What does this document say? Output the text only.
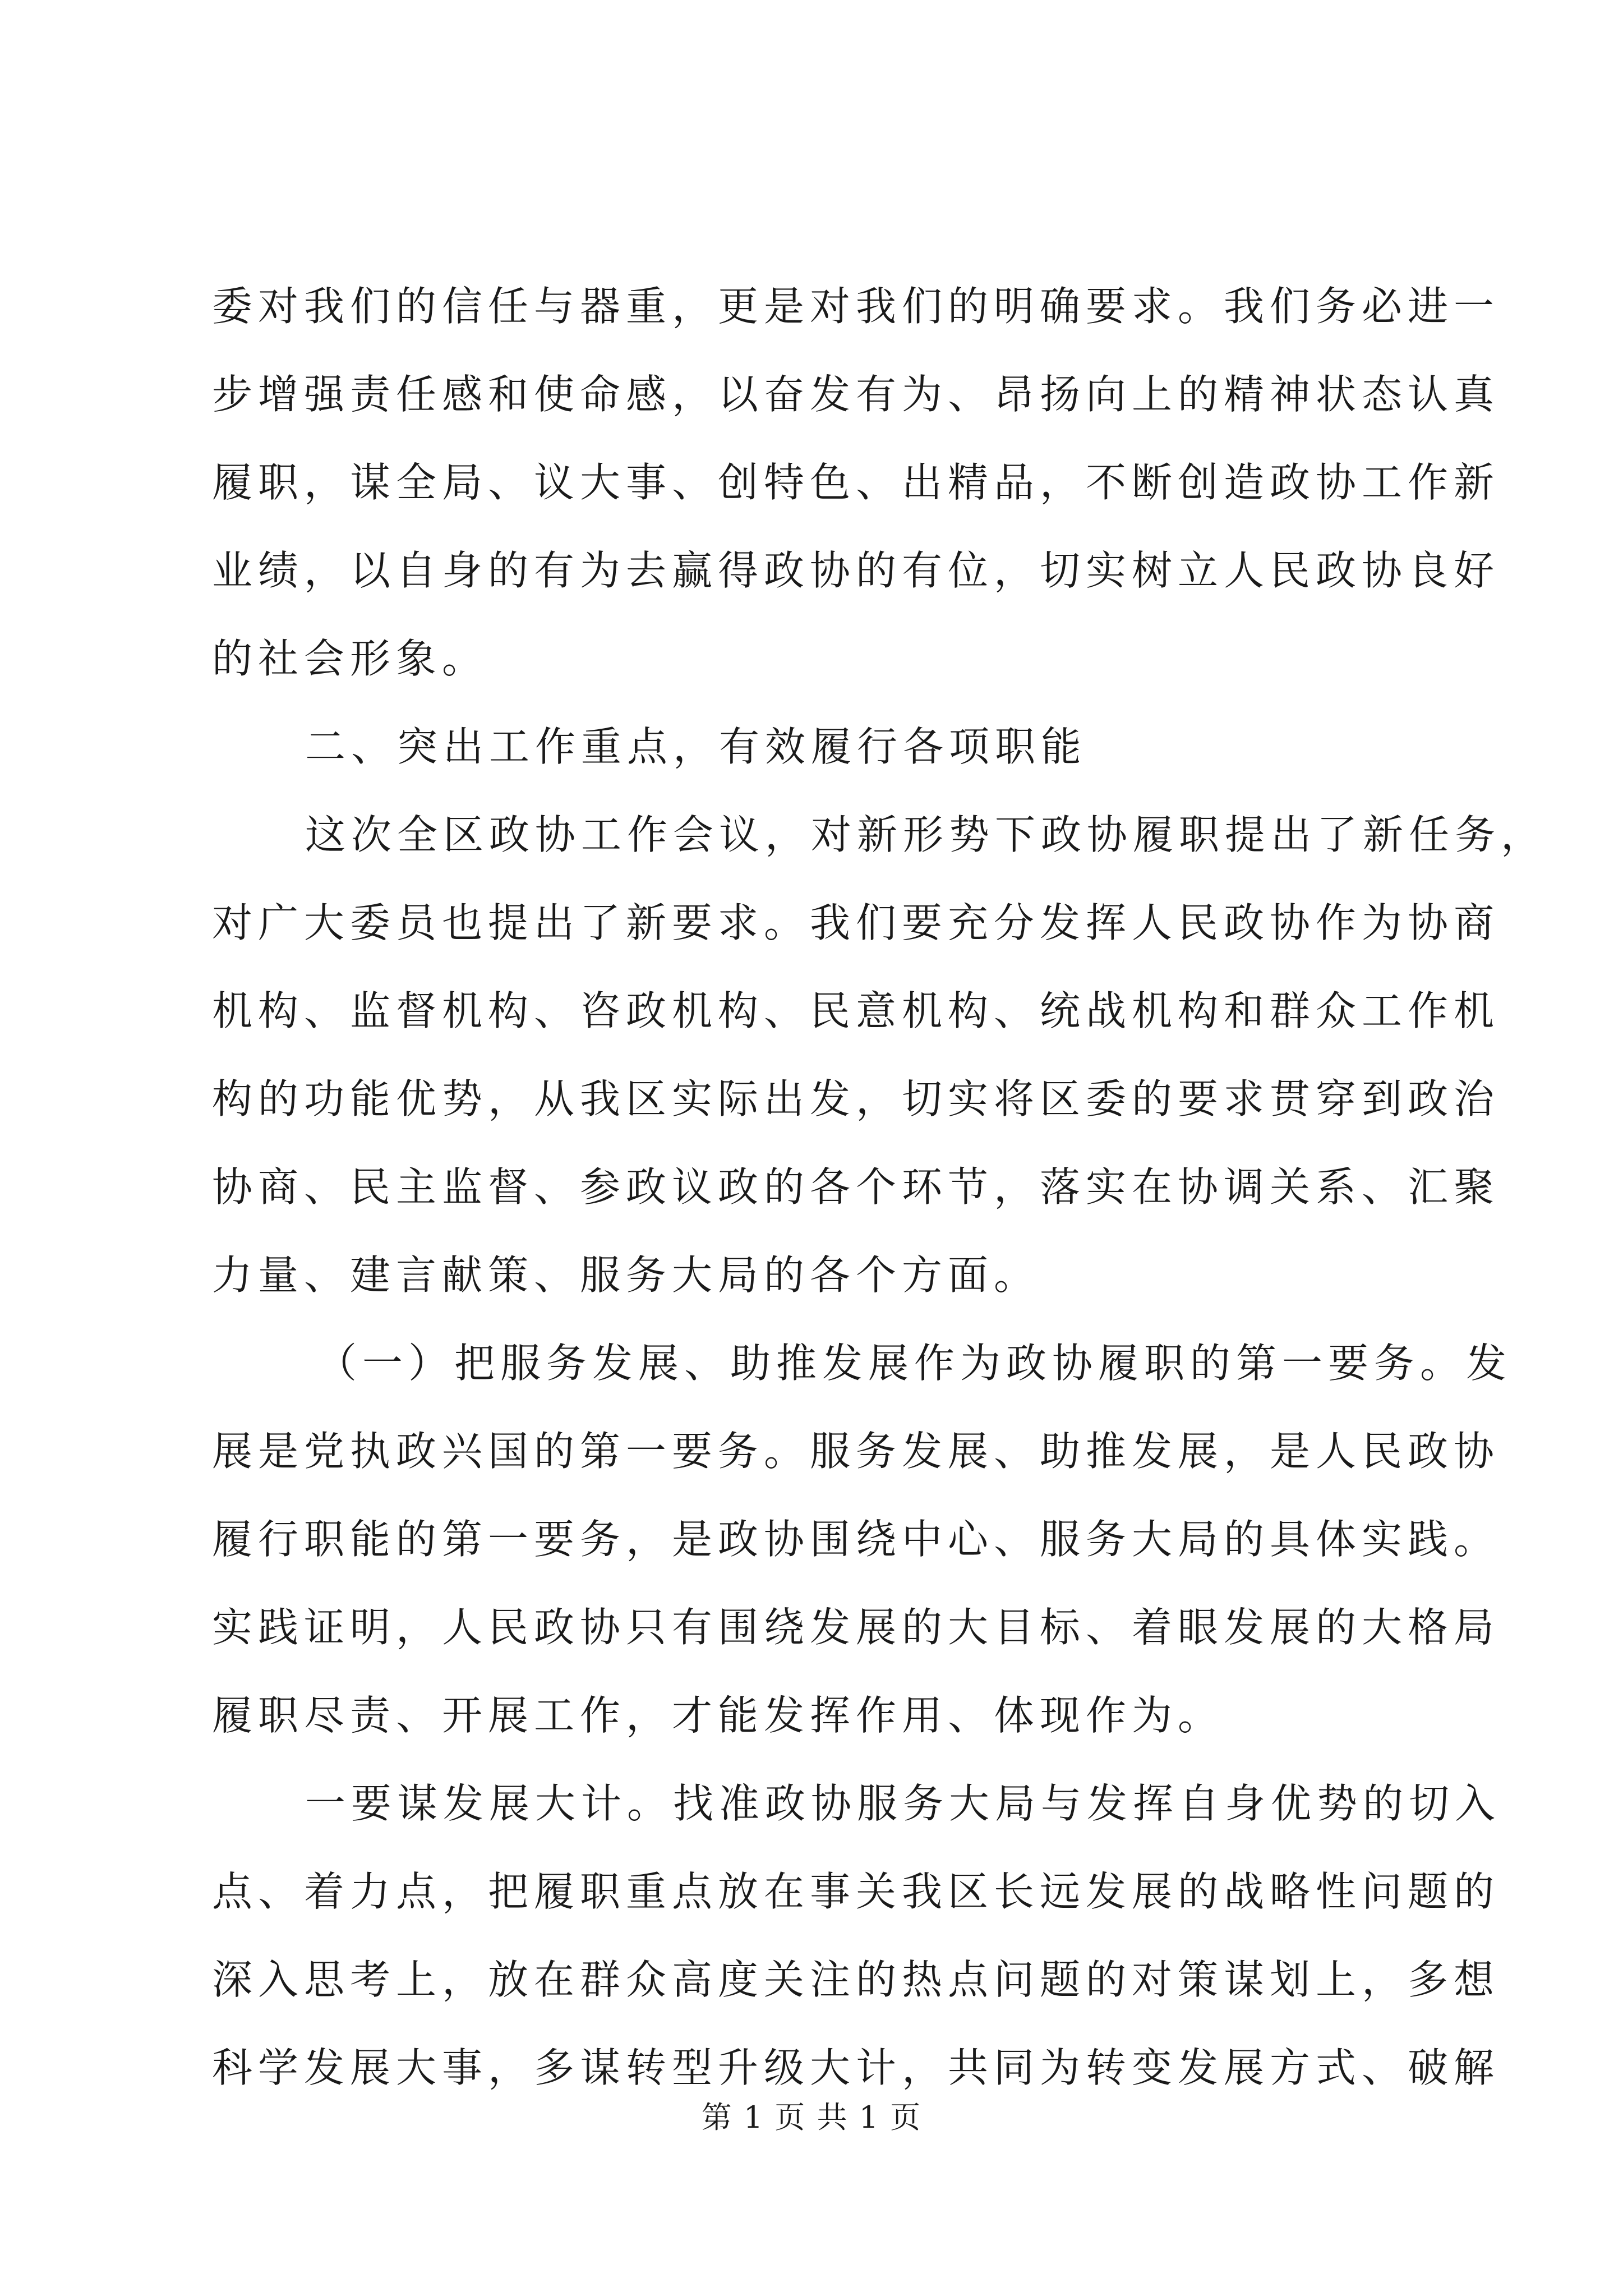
委对我们的信任与器重，更是对我们的明确要求。我们务必进一
步增强责任感和使命感，以奋发有为、昂扬向上的精神状态认真
履职，谋全局、议大事、创特色、出精品，不断创造政协工作新
业绩，以自身的有为去赢得政协的有位，切实树立人民政协良好
的社会形象。
二、突出工作重点，有效履行各项职能
这次全区政协工作会议，对新形势下政协履职提出了新任务，
对广大委员也提出了新要求。我们要充分发挥人民政协作为协商
机构、监督机构、咨政机构、民意机构、统战机构和群众工作机
构的功能优势，从我区实际出发，切实将区委的要求贯穿到政治
协商、民主监督、参政议政的各个环节，落实在协调关系、汇聚
力量、建言献策、服务大局的各个方面。
（一）把服务发展、助推发展作为政协履职的第一要务。发
展是党执政兴国的第一要务。服务发展、助推发展，是人民政协
履行职能的第一要务，是政协围绕中心、服务大局的具体实践。
实践证明，人民政协只有围绕发展的大目标、着眼发展的大格局
履职尽责、开展工作，才能发挥作用、体现作为。
一要谋发展大计。找准政协服务大局与发挥自身优势的切入
点、着力点，把履职重点放在事关我区长远发展的战略性问题的
深入思考上，放在群众高度关注的热点问题的对策谋划上，多想
科学发展大事，多谋转型升级大计，共同为转变发展方式、破解
第 1 页 共 1 页
